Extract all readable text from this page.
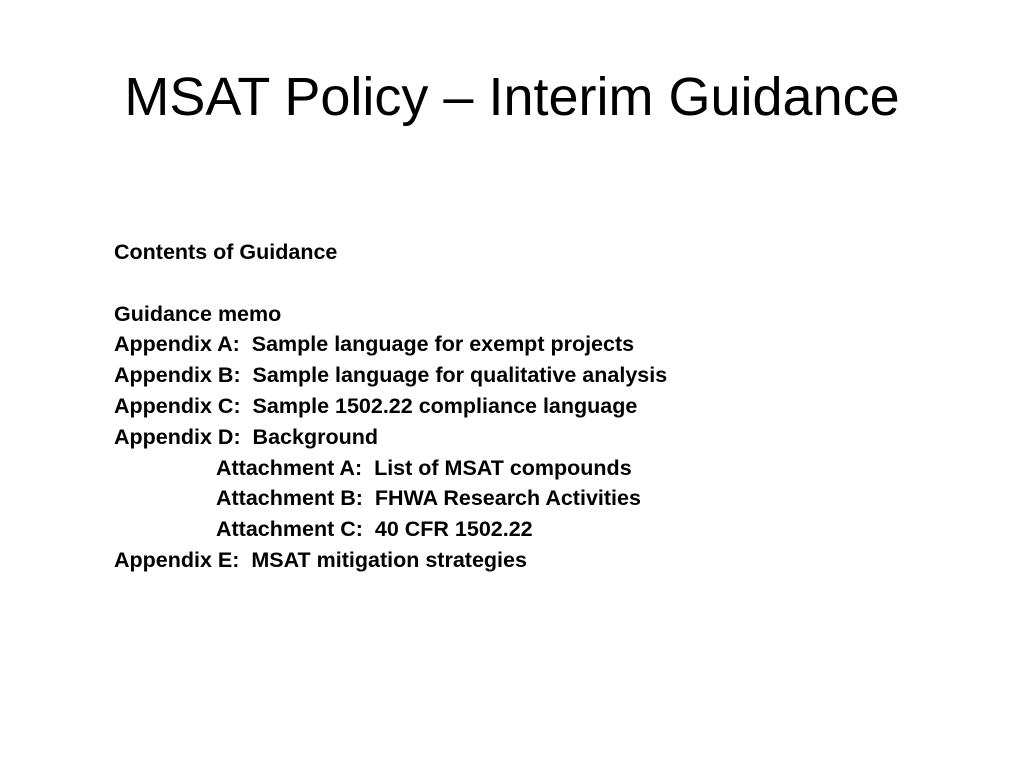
MSAT Policy – Interim Guidance
Contents of Guidance
Guidance memo
Appendix A:  Sample language for exempt projects
Appendix B:  Sample language for qualitative analysis
Appendix C:  Sample 1502.22 compliance language
Appendix D:  Background
Attachment A:  List of MSAT compounds
Attachment B:  FHWA Research Activities
Attachment C:  40 CFR 1502.22
Appendix E:  MSAT mitigation strategies
